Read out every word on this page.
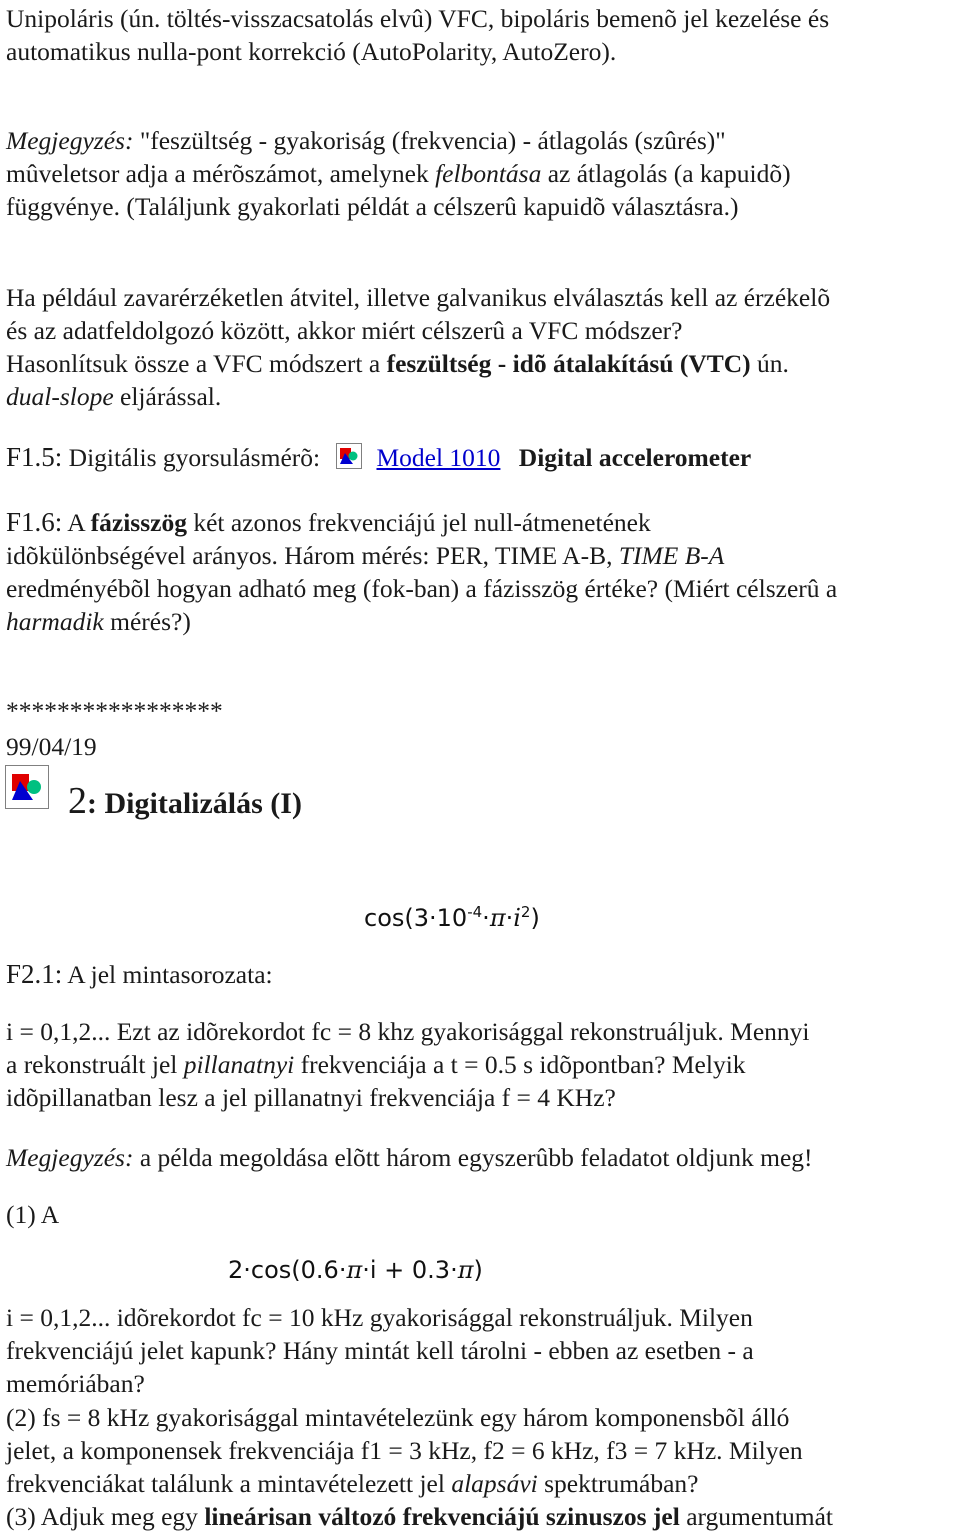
Unipoláris (ún. töltés-visszacsatolás elvû) VFC, bipoláris bemenõ jel kezelése és
automatikus nulla-pont korrekció (AutoPolarity, AutoZero).

Megjegyzés: "feszültség - gyakoriság (frekvencia) - átlagolás (szûrés)"
mûveletsor adja a mérõszámot, amelynek felbontása az átlagolás (a kapuidõ)
függvénye. (Találjunk gyakorlati példát a célszerû kapuidõ választásra.)

Ha például zavarérzéketlen átvitel, illetve galvanikus elválasztás kell az érzékelõ
és az adatfeldolgozó között, akkor miért célszerû a VFC módszer?
Hasonlítsuk össze a VFC módszert a feszültség - idõ átalakítású (VTC) ún.
dual-slope eljárással.

F1.5: Digitális gyorsulásmérõ: Model 1010 Digital accelerometer

F1.6: A fázisszög két azonos frekvenciájú jel null-átmenetének
idõkülönbségével arányos. Három mérés: PER, TIME A-B, TIME B-A
eredményébõl hogyan adható meg (fok-ban) a fázisszög értéke? (Miért célszerû a
harmadik mérés?)

*****************

99/04/19

2: Digitalizálás (I)

$\cos(3\cdot 10^{-4}\cdot\pi\cdot i^2)$

F2.1: A jel mintasorozata:

i = 0,1,2... Ezt az idõrekordot fc = 8 khz gyakorisággal rekonstruáljuk. Mennyi
a rekonstruált jel pillanatnyi frekvenciája a t = 0.5 s idõpontban? Melyik
idõpillanatban lesz a jel pillanatnyi frekvenciája f = 4 KHz?

Megjegyzés: a példa megoldása elõtt három egyszerûbb feladatot oldjunk meg!

(1) A

2·cos(0.6·π·i + 0.3·π)

i = 0,1,2... idõrekordot fc = 10 kHz gyakorisággal rekonstruáljuk. Milyen
frekvenciájú jelet kapunk? Hány mintát kell tárolni - ebben az esetben - a
memóriában?

(2) fs = 8 kHz gyakorisággal mintavételezünk egy három komponensbõl álló
jelet, a komponensek frekvenciája f1 = 3 kHz, f2 = 6 kHz, f3 = 7 kHz. Milyen
frekvenciákat találunk a mintavételezett jel alapsávi spektrumában?

(3) Adjuk meg egy lineárisan változó frekvenciájú szinuszos jel argumentumát
